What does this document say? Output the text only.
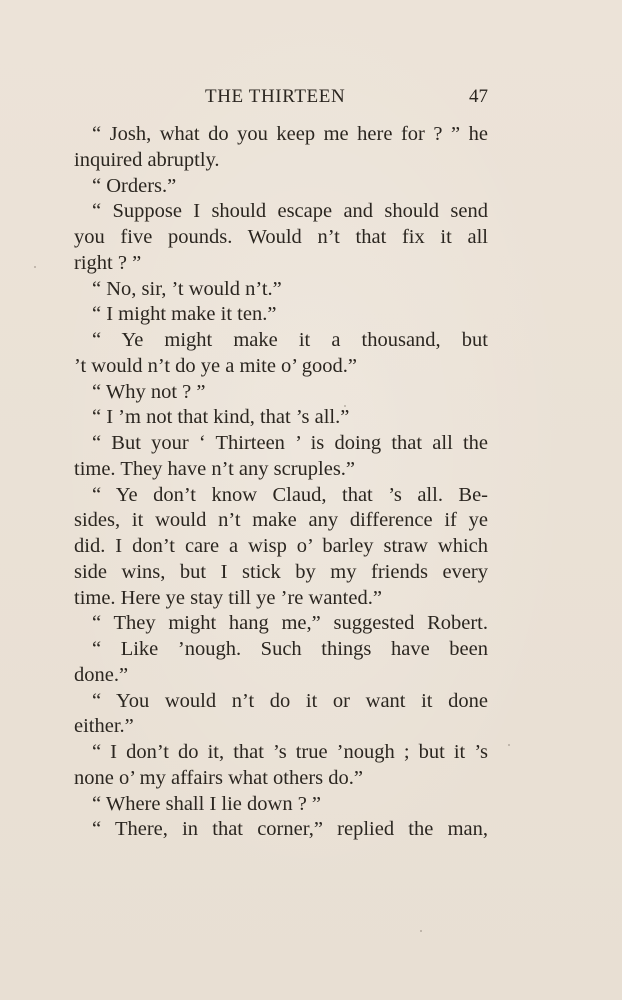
THE THIRTEEN	47
“ Josh, what do you keep me here for ? ” he
inquired abruptly.
“ Orders.”
“ Suppose I should escape and should send
you five pounds. Would n’t that fix it all
right ? ”
“ No, sir, ’t would n’t.”
“ I might make it ten.”
“ Ye might make it a thousand, but
’t would n’t do ye a mite o’ good.”
“ Why not ? ”
“ I ’m not that kind, that ’s all.”
“ But your ‘ Thirteen ’ is doing that all the
time. They have n’t any scruples.”
“ Ye don’t know Claud, that ’s all. Be-
sides, it would n’t make any difference if ye
did. I don’t care a wisp o’ barley straw which
side wins, but I stick by my friends every
time. Here ye stay till ye ’re wanted.”
“ They might hang me,” suggested Robert.
“ Like ’nough. Such things have been
done.”
“ You would n’t do it or want it done
either.”
“ I don’t do it, that ’s true ’nough ; but it ’s
none o’ my affairs what others do.”
“ Where shall I lie down ? ”
“ There, in that corner,” replied the man,
